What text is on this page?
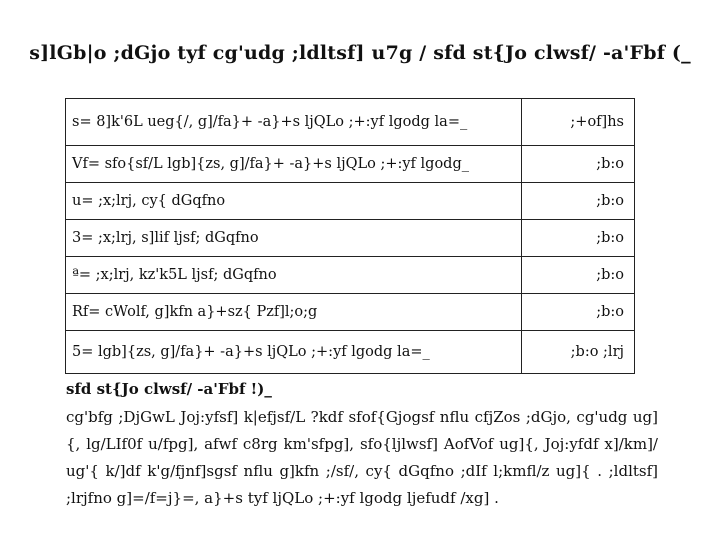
s]lGb|o ;dGjo tyf cg'udg ;ldltsf] u7g / sfd st{Jo clwsf/ -a'Fbf (_
s= 8]k'6L ueg{/, g]/fa}+ -a}+s ljQLo ;+:yf lgodg la=_	;+of]hs
Vf= sfo{sf/L lgb]{zs, g]/fa}+ -a}+s ljQLo ;+:yf lgodg_	;b:o
u= ;x;lrj, cy{ dGqfno	;b:o
3= ;x;lrj, s]lif ljsf; dGqfno	;b:o
ª= ;x;lrj, kz'k5L ljsf; dGqfno	;b:o
Rf= cWolf, g]kfn a}+sz{ Pzf]l;o;g	;b:o
5= lgb]{zs, g]/fa}+ -a}+s ljQLo ;+:yf lgodg la=_	;b:o ;lrj
sfd st{Jo clwsf/ -a'Fbf !)_
cg'bfg ;DjGwL Joj:yfsf] k|efjsf/L ?kdf sfof{Gjogsf nflu cfjZos ;dGjo, cg'udg ug]{, lg/LIf0f u/fpg], afwf c8rg km'sfpg], sfo{ljlwsf] AofVof ug]{, Joj:yfdf x]/km]/ ug'{ k/]df k'g/fjnf]sgsf nflu g]kfn ;/sf/, cy{ dGqfno ;dIf l;kmfl/z ug]{ . ;ldltsf] ;lrjfno g]=/f=j}=, a}+s tyf ljQLo ;+:yf lgodg ljefudf /xg] .
